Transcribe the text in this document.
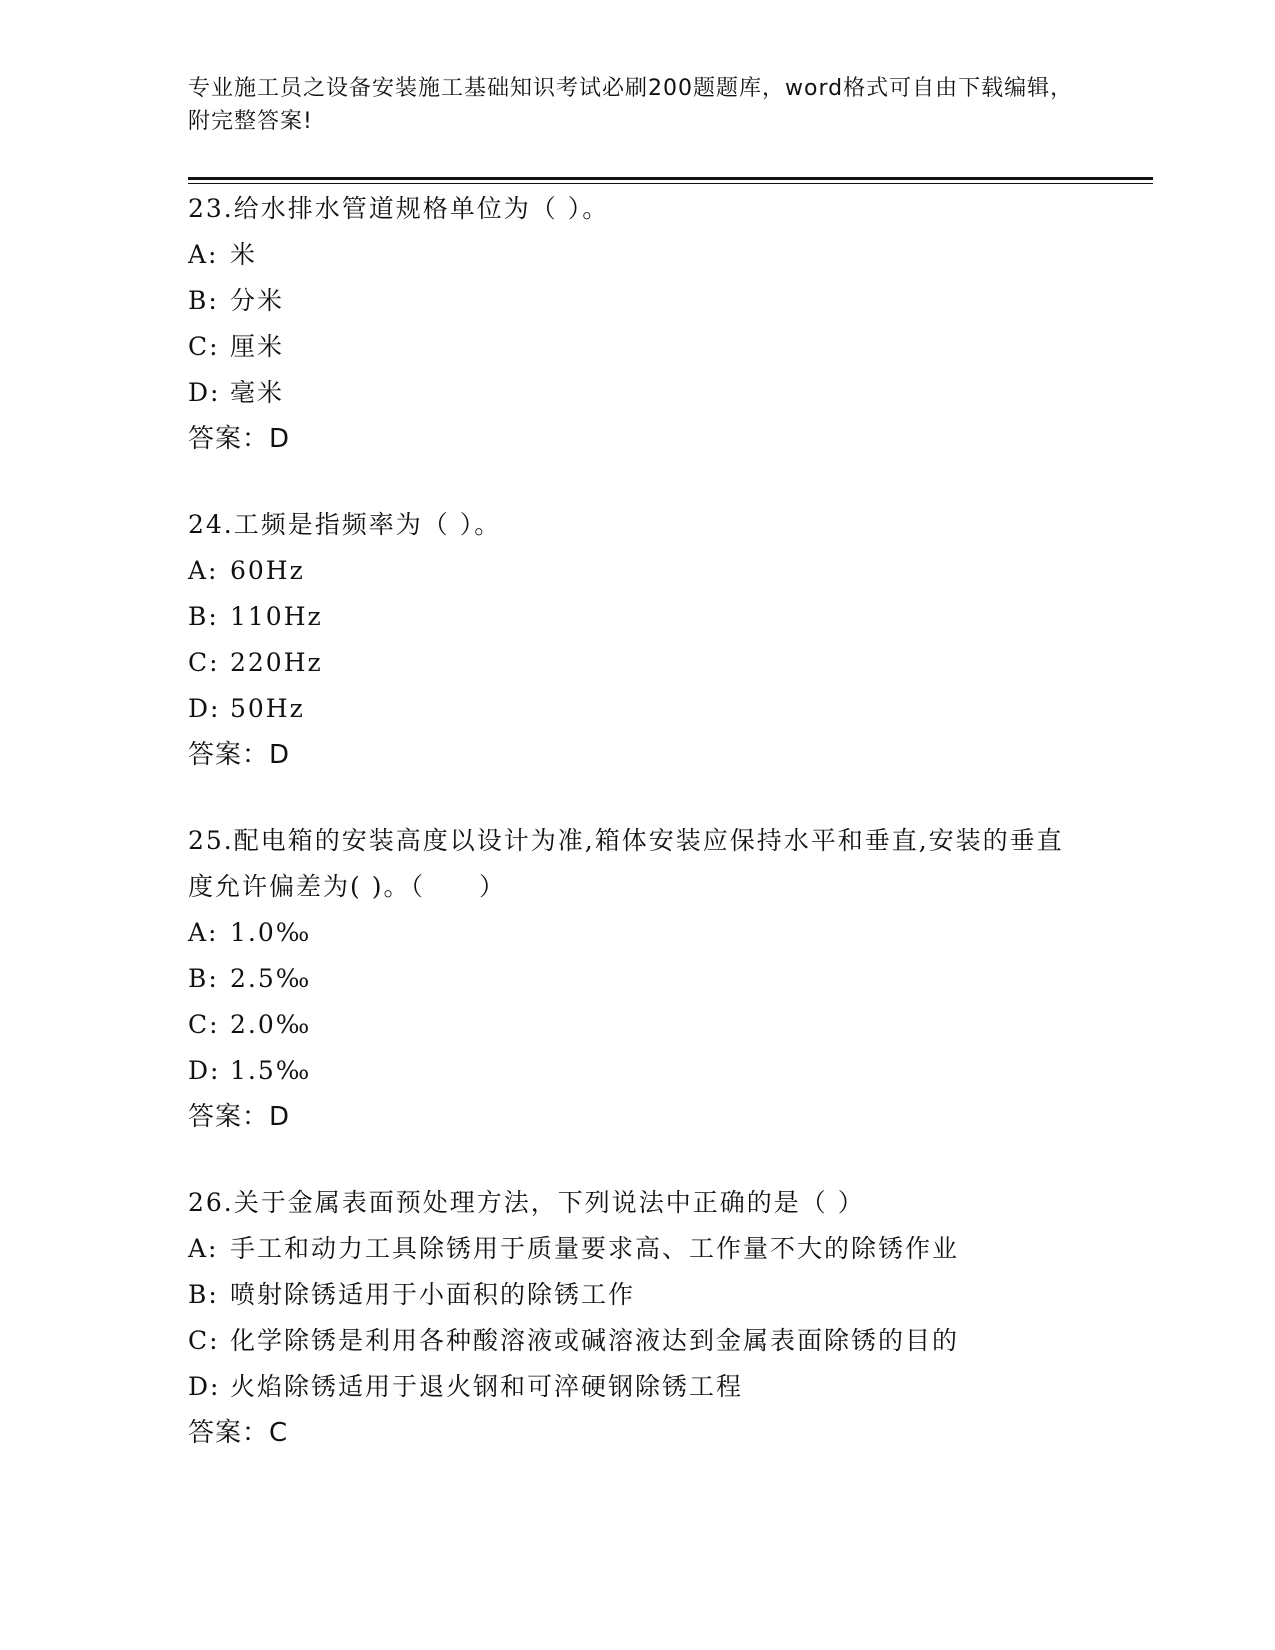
专业施工员之设备安装施工基础知识考试必刷200题题库，word格式可自由下载编辑，附完整答案!

23.给水排水管道规格单位为（ ）。

A: 米

B: 分米

C: 厘米

D: 毫米

答案：D

24.工频是指频率为（ ）。

A: 60Hz

B: 110Hz

C: 220Hz

D: 50Hz

答案：D

25.配电箱的安装高度以设计为准,箱体安装应保持水平和垂直,安装的垂直度允许偏差为( )。（　　）

A: 1.0‰

B: 2.5‰

C: 2.0‰

D: 1.5‰

答案：D

26.关于金属表面预处理方法，下列说法中正确的是（ ）

A: 手工和动力工具除锈用于质量要求高、工作量不大的除锈作业

B: 喷射除锈适用于小面积的除锈工作

C: 化学除锈是利用各种酸溶液或碱溶液达到金属表面除锈的目的

D: 火焰除锈适用于退火钢和可淬硬钢除锈工程

答案：C
